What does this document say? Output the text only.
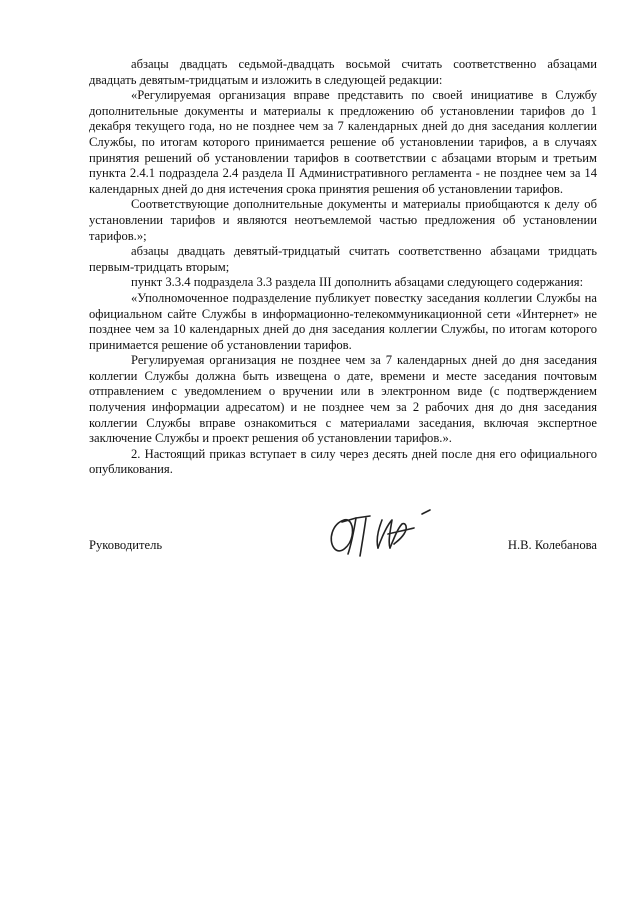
абзацы двадцать седьмой-двадцать восьмой считать соответственно абзацами двадцать девятым-тридцатым и изложить в следующей редакции:

«Регулируемая организация вправе представить по своей инициативе в Службу дополнительные документы и материалы к предложению об установлении тарифов до 1 декабря текущего года, но не позднее чем за 7 календарных дней до дня заседания коллегии Службы, по итогам которого принимается решение об установлении тарифов, а в случаях принятия решений об установлении тарифов в соответствии с абзацами вторым и третьим пункта 2.4.1 подраздела 2.4 раздела II Административного регламента - не позднее чем за 14 календарных дней до дня истечения срока принятия решения об установлении тарифов.

Соответствующие дополнительные документы и материалы приобщаются к делу об установлении тарифов и являются неотъемлемой частью предложения об установлении тарифов.»;

абзацы двадцать девятый-тридцатый считать соответственно абзацами тридцать первым-тридцать вторым;

пункт 3.3.4 подраздела 3.3 раздела III дополнить абзацами следующего содержания:

«Уполномоченное подразделение публикует повестку заседания коллегии Службы на официальном сайте Службы в информационно-телекоммуникационной сети «Интернет» не позднее чем за 10 календарных дней до дня заседания коллегии Службы, по итогам которого принимается решение об установлении тарифов.

Регулируемая организация не позднее чем за 7 календарных дней до дня заседания коллегии Службы должна быть извещена о дате, времени и месте заседания почтовым отправлением с уведомлением о вручении или в электронном виде (с подтверждением получения информации адресатом) и не позднее чем за 2 рабочих дня до дня заседания коллегии Службы вправе ознакомиться с материалами заседания, включая экспертное заключение Службы и проект решения об установлении тарифов.».

2. Настоящий приказ вступает в силу через десять дней после дня его официального опубликования.

Руководитель	Н.В. Колебанова
